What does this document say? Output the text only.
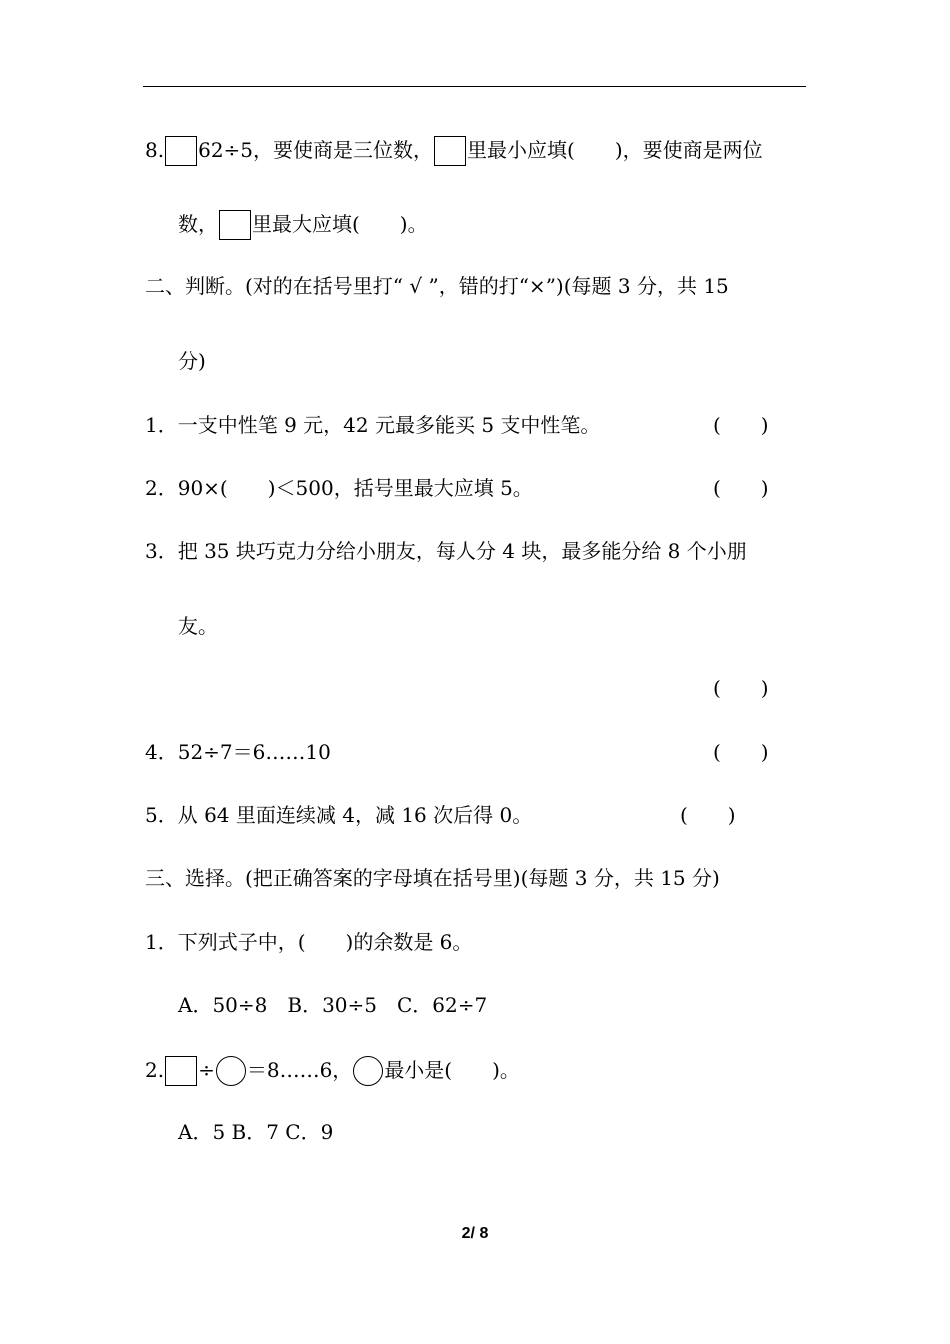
8. 62÷5，要使商是三位数， 里最小应填(　　)，要使商是两位
数， 里最大应填(　　)。
二、判断。(对的在括号里打“ √ ”，错的打“×”)(每题 3 分，共 15
分)
1．一支中性笔 9 元，42 元最多能买 5 支中性笔。	(　　)
2．90×(　　)＜500，括号里最大应填 5。	(　　)
3．把 35 块巧克力分给小朋友，每人分 4 块，最多能分给 8 个小朋
友。
(　　)
4．52÷7＝6……10	(　　)
5．从 64 里面连续减 4，减 16 次后得 0。	(　　)
三、选择。(把正确答案的字母填在括号里)(每题 3 分，共 15 分)
1．下列式子中，(　　)的余数是 6。
A．50÷8　B．30÷5　C．62÷7
2. ÷ ＝8……6， 最小是(　　)。
A．5 B．7 C．9
2/ 8
